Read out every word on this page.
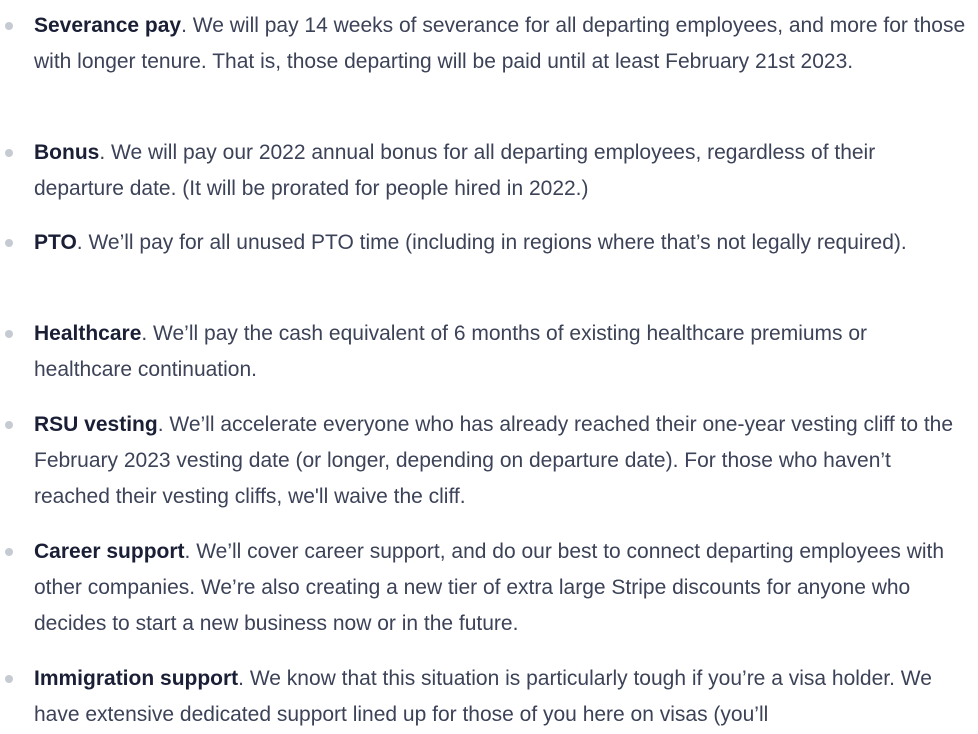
Severance pay. We will pay 14 weeks of severance for all departing employees, and more for those with longer tenure. That is, those departing will be paid until at least February 21st 2023.
Bonus. We will pay our 2022 annual bonus for all departing employees, regardless of their departure date. (It will be prorated for people hired in 2022.)
PTO. We’ll pay for all unused PTO time (including in regions where that’s not legally required).
Healthcare. We’ll pay the cash equivalent of 6 months of existing healthcare premiums or healthcare continuation.
RSU vesting. We’ll accelerate everyone who has already reached their one-year vesting cliff to the February 2023 vesting date (or longer, depending on departure date). For those who haven’t reached their vesting cliffs, we'll waive the cliff.
Career support. We’ll cover career support, and do our best to connect departing employees with other companies. We’re also creating a new tier of extra large Stripe discounts for anyone who decides to start a new business now or in the future.
Immigration support. We know that this situation is particularly tough if you’re a visa holder. We have extensive dedicated support lined up for those of you here on visas (you’ll
